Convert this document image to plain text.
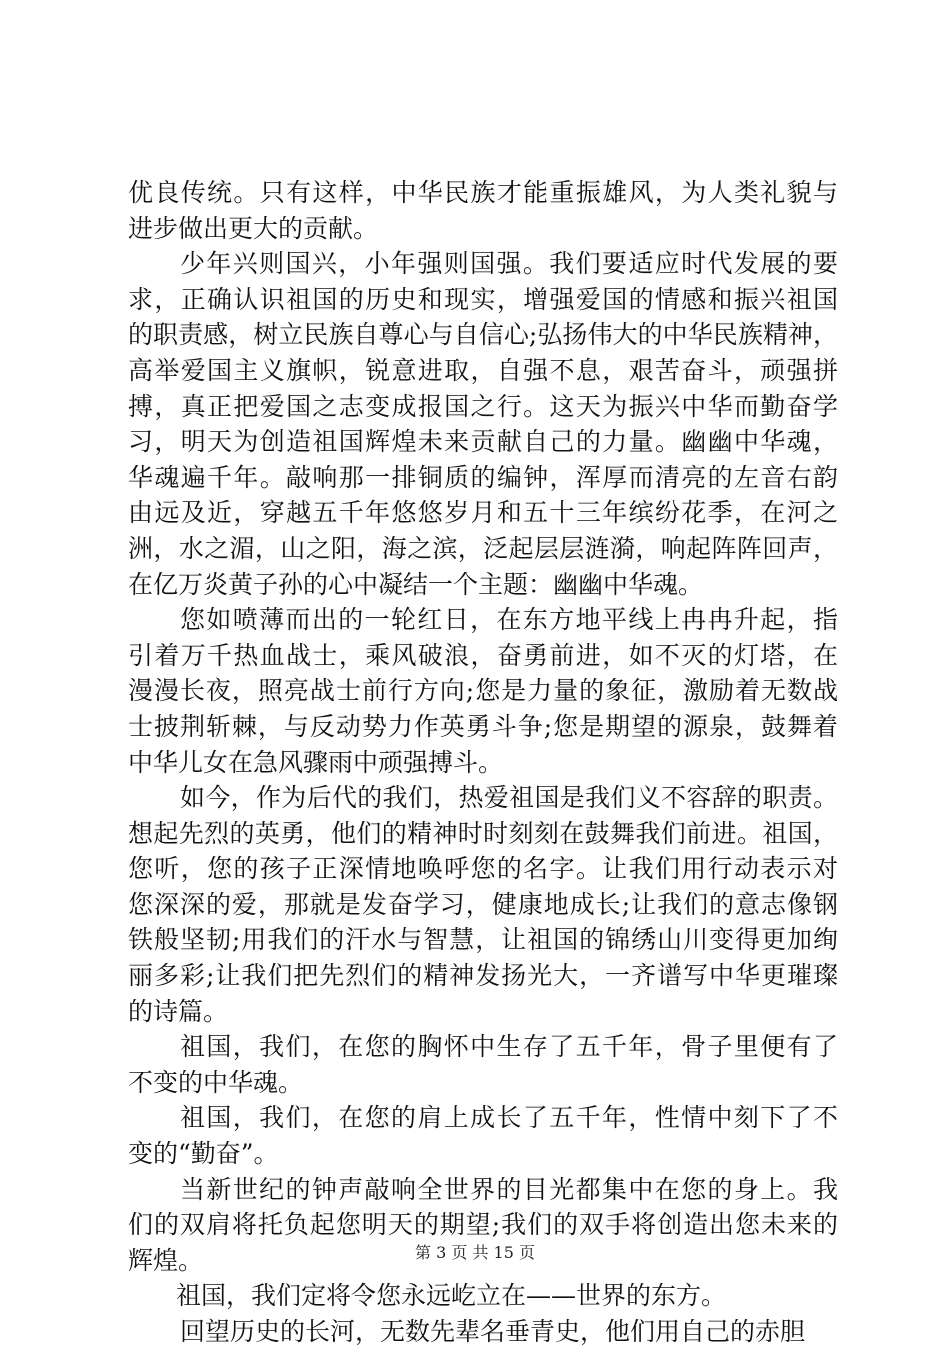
优良传统。只有这样，中华民族才能重振雄风，为人类礼貌与
进步做出更大的贡献。
少年兴则国兴，小年强则国强。我们要适应时代发展的要
求，正确认识祖国的历史和现实，增强爱国的情感和振兴祖国
的职责感，树立民族自尊心与自信心;弘扬伟大的中华民族精神，
高举爱国主义旗帜，锐意进取，自强不息，艰苦奋斗，顽强拼
搏，真正把爱国之志变成报国之行。这天为振兴中华而勤奋学
习，明天为创造祖国辉煌未来贡献自己的力量。幽幽中华魂，
华魂遍千年。敲响那一排铜质的编钟，浑厚而清亮的左音右韵
由远及近，穿越五千年悠悠岁月和五十三年缤纷花季，在河之
洲，水之湄，山之阳，海之滨，泛起层层涟漪，响起阵阵回声，
在亿万炎黄子孙的心中凝结一个主题：幽幽中华魂。
您如喷薄而出的一轮红日，在东方地平线上冉冉升起，指
引着万千热血战士，乘风破浪，奋勇前进，如不灭的灯塔，在
漫漫长夜，照亮战士前行方向;您是力量的象征，激励着无数战
士披荆斩棘，与反动势力作英勇斗争;您是期望的源泉，鼓舞着
中华儿女在急风骤雨中顽强搏斗。
如今，作为后代的我们，热爱祖国是我们义不容辞的职责。
想起先烈的英勇，他们的精神时时刻刻在鼓舞我们前进。祖国，
您听，您的孩子正深情地唤呼您的名字。让我们用行动表示对
您深深的爱，那就是发奋学习，健康地成长;让我们的意志像钢
铁般坚韧;用我们的汗水与智慧，让祖国的锦绣山川变得更加绚
丽多彩;让我们把先烈们的精神发扬光大，一齐谱写中华更璀璨
的诗篇。
祖国，我们，在您的胸怀中生存了五千年，骨子里便有了
不变的中华魂。
祖国，我们，在您的肩上成长了五千年，性情中刻下了不
变的“勤奋”。
当新世纪的钟声敲响全世界的目光都集中在您的身上。我
们的双肩将托负起您明天的期望;我们的双手将创造出您未来的
辉煌。
祖国，我们定将令您永远屹立在——世界的东方。
回望历史的长河，无数先辈名垂青史，他们用自己的赤胆
第 3 页 共 15 页
